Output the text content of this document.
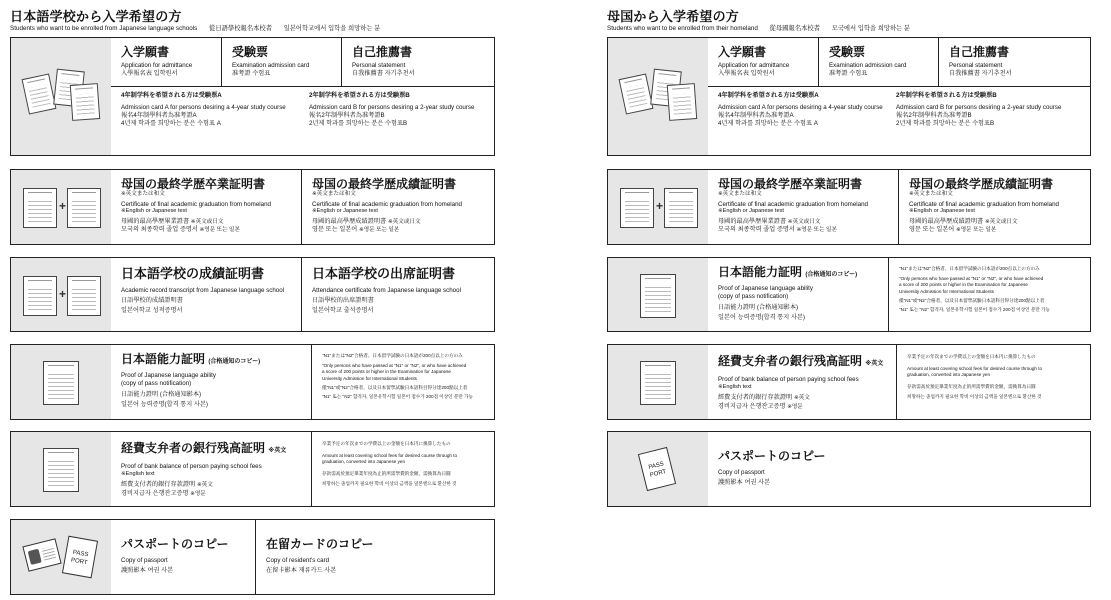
日本語学校から入学希望の方
Students who want to be enrolled from Japanese language schools 從日語學校報名本校者 일본어학교에서 입학을 희망하는 분
入学願書
Application for admittance
入學報名表 입학원서
受験票
Examination admission card
准考證 수험표
自己推薦書
Personal statement
自我推薦書 자기추천서
4年制学科を希望される方は受験票A
Admission card A for persons desiring a 4-year study course
報名4年制學科者為准考證A
4년제 학과를 희망하는 분은 수험표 A
2年制学科を希望される方は受験票B
Admission card B for persons desiring a 2-year study course
報名2年制學科者為准考證B
2년제 학과를 희망하는 분은 수험표B
+
母国の最終学歴卒業証明書
※英文または和文
Certificate of final academic graduation from homeland
※English or Japanese text
母國的最高學歷畢業證書 ※英文或日文
모국의 최종학력 졸업 증명서 ※영문 또는 일본
母国の最終学歴成績証明書
※英文または和文
Certificate of final academic graduation from homeland
※English or Japanese text
母國的最高學歷成績證明書 ※英文或日文
영문 또는 일본어 ※영문 또는 일본
+
日本語学校の成績証明書
Academic record transcript from Japanese language school
日語學校的成績證明書
일본어학교 성적증명서
日本語学校の出席証明書
Attendance certificate from Japanese language school
日語學校的出席證明書
일본어학교 출석증명서
日本語能力証明 (合格通知のコピー)
Proof of Japanese language ability
(copy of pass notification)
日語能力證明 (合格通知影本)
일본어 능력증명(합격 통지 사본)
"N1"または"N2"合格者、日本留学試験の日本語が200点以上の方のみ
"Only persons who have passed at "N1" or "N2", or who have achieved
a score of 200 points or higher in the Examination for Japanese
University Admission for International Students
僅"N1"或"N2"合格者，以及日本留學試驗日本語科目得分達200點以上者
"N1" 또는 "N2" 합격자, 일본유학시험 일본어 점수가 200점 이상인 분만 가능
経費支弁者の銀行残高証明 ※英文
Proof of bank balance of person paying school fees
※English text
經費支付者的銀行存款證明 ※英文
경비지급자 은행잔고증명 ※영문
卒業予定の年次までの学費以上の金額を日本円に換算したもの
Amount at least covering school fees for desired course through to
graduation, converted into Japanese yen
存款需高於預定畢業年度為止的所需學費的金額，需換算為日圓
희망하는 졸업까지 필요한 학비 이상의 금액을 일본엔으로 환산한 것
PASS PORT
パスポートのコピー
Copy of passport
護照影本 여권 사본
在留カードのコピー
Copy of resident's card
在留卡影本 재류카드 사본
母国から入学希望の方
Students who want to be enrolled from their homeland 從母國報名本校者 모국에서 입학을 희망하는 분
入学願書
Application for admittance
入學報名表 입학원서
受験票
Examination admission card
准考證 수험표
自己推薦書
Personal statement
自我推薦書 자기추천서
4年制学科を希望される方は受験票A
Admission card A for persons desiring a 4-year study course
報名4年制學科者為准考證A
4년제 학과를 희망하는 분은 수험표 A
2年制学科を希望される方は受験票B
Admission card B for persons desiring a 2-year study course
報名2年制學科者為准考證B
2년제 학과를 희망하는 분은 수험표B
+
母国の最終学歴卒業証明書
※英文または和文
Certificate of final academic graduation from homeland
※English or Japanese text
母國的最高學歷畢業證書 ※英文或日文
모국의 최종학력 졸업 증명서 ※영문 또는 일본
母国の最終学歴成績証明書
※英文または和文
Certificate of final academic graduation from homeland
※English or Japanese text
母國的最高學歷成績證明書 ※英文或日文
영문 또는 일본어 ※영문 또는 일본
日本語能力証明 (合格通知のコピー)
Proof of Japanese language ability
(copy of pass notification)
日語能力證明 (合格通知影本)
일본어 능력증명(합격 통지 사본)
"N1"または"N2"合格者、日本留学試験の日本語が200点以上の方のみ
"Only persons who have passed at "N1" or "N2", or who have achieved
a score of 200 points or higher in the Examination for Japanese
University Admission for International Students
僅"N1"或"N2"合格者，以及日本留學試驗日本語科目得分達200點以上者
"N1" 또는 "N2" 합격자, 일본유학시험 일본어 점수가 200점 이상인 분만 가능
経費支弁者の銀行残高証明 ※英文
Proof of bank balance of person paying school fees
※English text
經費支付者的銀行存款證明 ※英文
경비지급자 은행잔고증명 ※영문
卒業予定の年次までの学費以上の金額を日本円に換算したもの
Amount at least covering school fees for desired course through to
graduation, converted into Japanese yen
存款需高於預定畢業年度為止的所需學費的金額，需換算為日圓
희망하는 졸업까지 필요한 학비 이상의 금액을 일본엔으로 환산한 것
PASS PORT
パスポートのコピー
Copy of passport
護照影本 여권 사본
